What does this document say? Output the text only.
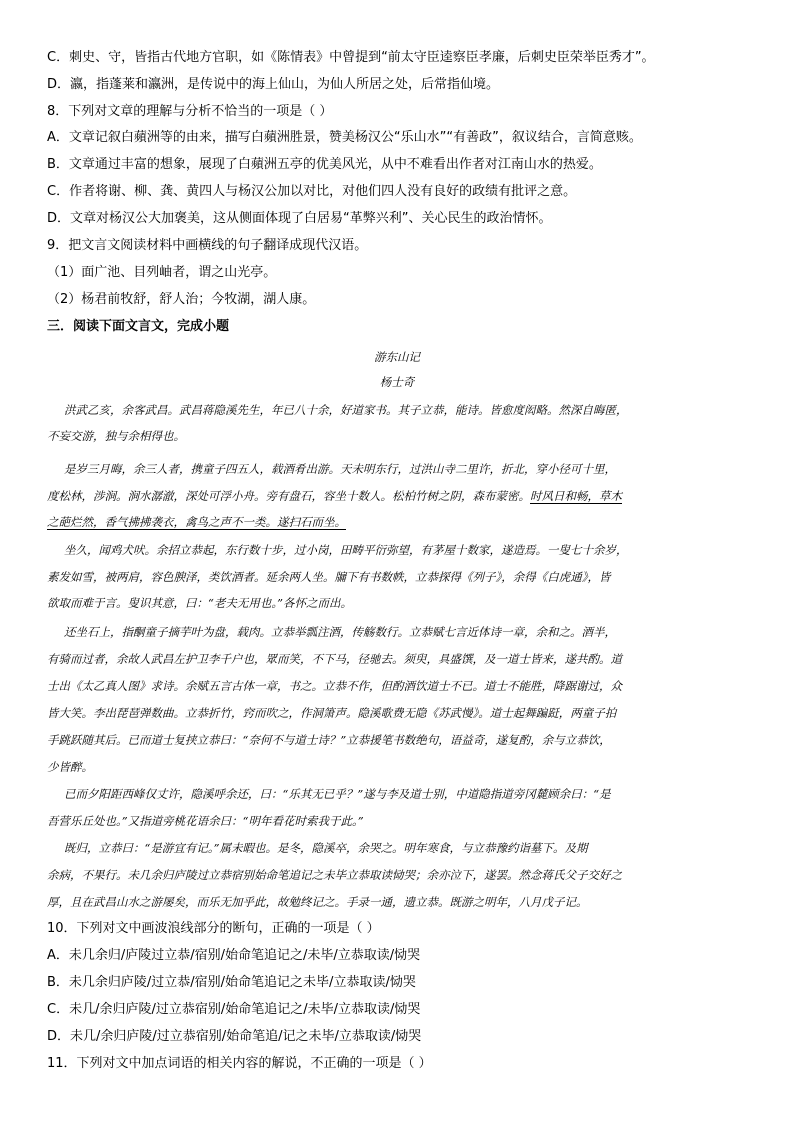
C．刺史、守，皆指古代地方官职，如《陈情表》中曾提到“前太守臣逵察臣孝廉，后刺史臣荣举臣秀才”。
D．瀛，指蓬莱和瀛洲，是传说中的海上仙山，为仙人所居之处，后常指仙境。
8．下列对文章的理解与分析不恰当的一项是（ ）
A．文章记叙白蘋洲等的由来，描写白蘋洲胜景，赞美杨汉公“乐山水”“有善政”，叙议结合，言简意赅。
B．文章通过丰富的想象，展现了白蘋洲五亭的优美风光，从中不难看出作者对江南山水的热爱。
C．作者将谢、柳、龚、黄四人与杨汉公加以对比，对他们四人没有良好的政绩有批评之意。
D．文章对杨汉公大加褒美，这从侧面体现了白居易“革弊兴利”、关心民生的政治情怀。
9．把文言文阅读材料中画横线的句子翻译成现代汉语。
（1）面广池、目列岫者，谓之山光亭。
（2）杨君前牧舒，舒人治；今牧湖，湖人康。
三．阅读下面文言文，完成小题
游东山记
杨士奇
洪武乙亥，余客武昌。武昌蒋隐溪先生，年已八十余，好道家书。其子立恭，能诗。皆愈度闳略。然深自晦匿，
不妄交游，独与余相得也。
是岁三月晦，余三人者，携童子四五人，载酒肴出游。天未明东行，过洪山寺二里许，折北，穿小径可十里，
度松林，涉涧。涧水潺澈，深处可浮小舟。旁有盘石，容坐十数人。松柏竹树之阴，森布蒙密。时风日和畅，草木
之葩烂然，香气拂拂袭衣，禽鸟之声不一类。遂扫石而坐。
坐久，闻鸡犬吠。余招立恭起，东行数十步，过小岗，田畴平衍弥望，有茅屋十数家，遂造焉。一叟七十余岁，
素发如雪，被两肩，容色腴泽，类饮酒者。延余两人坐。牖下有书数帙，立恭探得《列子》，余得《白虎通》，皆
欲取而难于言。叟识其意，曰：“老夫无用也。”各怀之而出。
还坐石上，指酮童子摘芋叶为盘，载肉。立恭举瓢注酒，传觞数行。立恭赋七言近体诗一章，余和之。酒半，
有骑而过者，余故人武昌左护卫李千户也，眾而笑，不下马，径驰去。须臾，具盛馔，及一道士皆来，遂共酌。道
士出《太乙真人图》求诗。余赋五言古体一章，书之。立恭不作，但酌酒饮道士不已。道士不能胜，降踞谢过，众
皆大笑。李出琵琶弹数曲。立恭折竹，窍而吹之，作洞箫声。隐溪歌费无隐《苏武慢》。道士起舞蹁跹，两童子拍
手跳跃随其后。已而道士复挟立恭曰：“奈何不与道士诗？”立恭援笔书数绝句，语益奇，遂复酌，余与立恭饮，
少皆醉。
已而夕阳距西峰仅丈许，隐溪呼余还，曰：“乐其无已乎？”遂与李及道士别，中道隐指道旁冈麓顾余曰：“是
吾营乐丘处也。”又指道旁桃花语余曰：“明年看花时索我于此。”
既归，立恭曰：“是游宜有记。”属未暇也。是冬，隐溪卒，余哭之。明年寒食，与立恭豫约诣墓下。及期
余病，不果行。未几余归庐陵过立恭宿别始命笔追记之未毕立恭取读恸哭；余亦泣下，遂罢。然念蒋氏父子交好之
厚，且在武昌山水之游屡矣，而乐无加乎此，故勉终记之。手录一通，遗立恭。既游之明年，八月戊子记。
10．下列对文中画波浪线部分的断句，正确的一项是（ ）
A．未几余归/庐陵过立恭/宿别/始命笔追记之/未毕/立恭取读/恸哭
B．未几余归庐陵/过立恭/宿别/始命笔追记之未毕/立恭取读/恸哭
C．未几/余归庐陵/过立恭宿别/始命笔追记之/未毕/立恭取读/恸哭
D．未几/余归庐陵/过立恭宿别/始命笔追/记之未毕/立恭取读/恸哭
11．下列对文中加点词语的相关内容的解说，不正确的一项是（ ）
